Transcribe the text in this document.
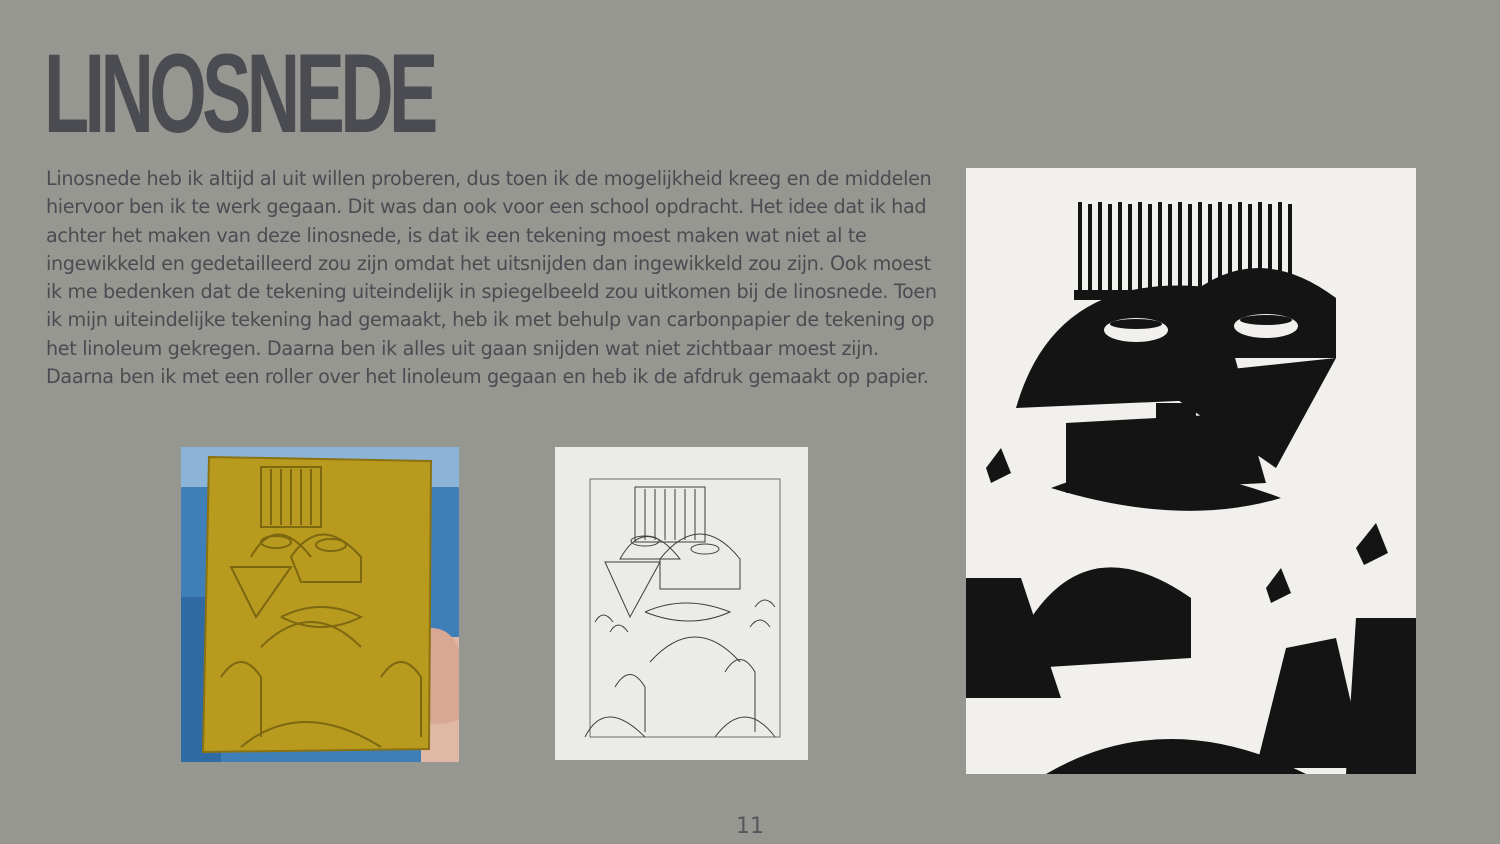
LINOSNEDE

Linosnede heb ik altijd al uit willen proberen, dus toen ik de mogelijkheid kreeg en de middelen hiervoor ben ik te werk gegaan. Dit was dan ook voor een school opdracht. Het idee dat ik had achter het maken van deze linosnede, is dat ik een tekening moest maken wat niet al te ingewikkeld en gedetailleerd zou zijn omdat het uitsnijden dan ingewikkeld zou zijn. Ook moest ik me bedenken dat de tekening uiteindelijk in spiegelbeeld zou uitkomen bij de linosnede. Toen ik mijn uiteindelijke tekening had gemaakt, heb ik met behulp van carbonpapier de tekening op het linoleum gekregen. Daarna ben ik alles uit gaan snijden wat niet zichtbaar moest zijn. Daarna ben ik met een roller over het linoleum gegaan en heb ik de afdruk gemaakt op papier.

11
